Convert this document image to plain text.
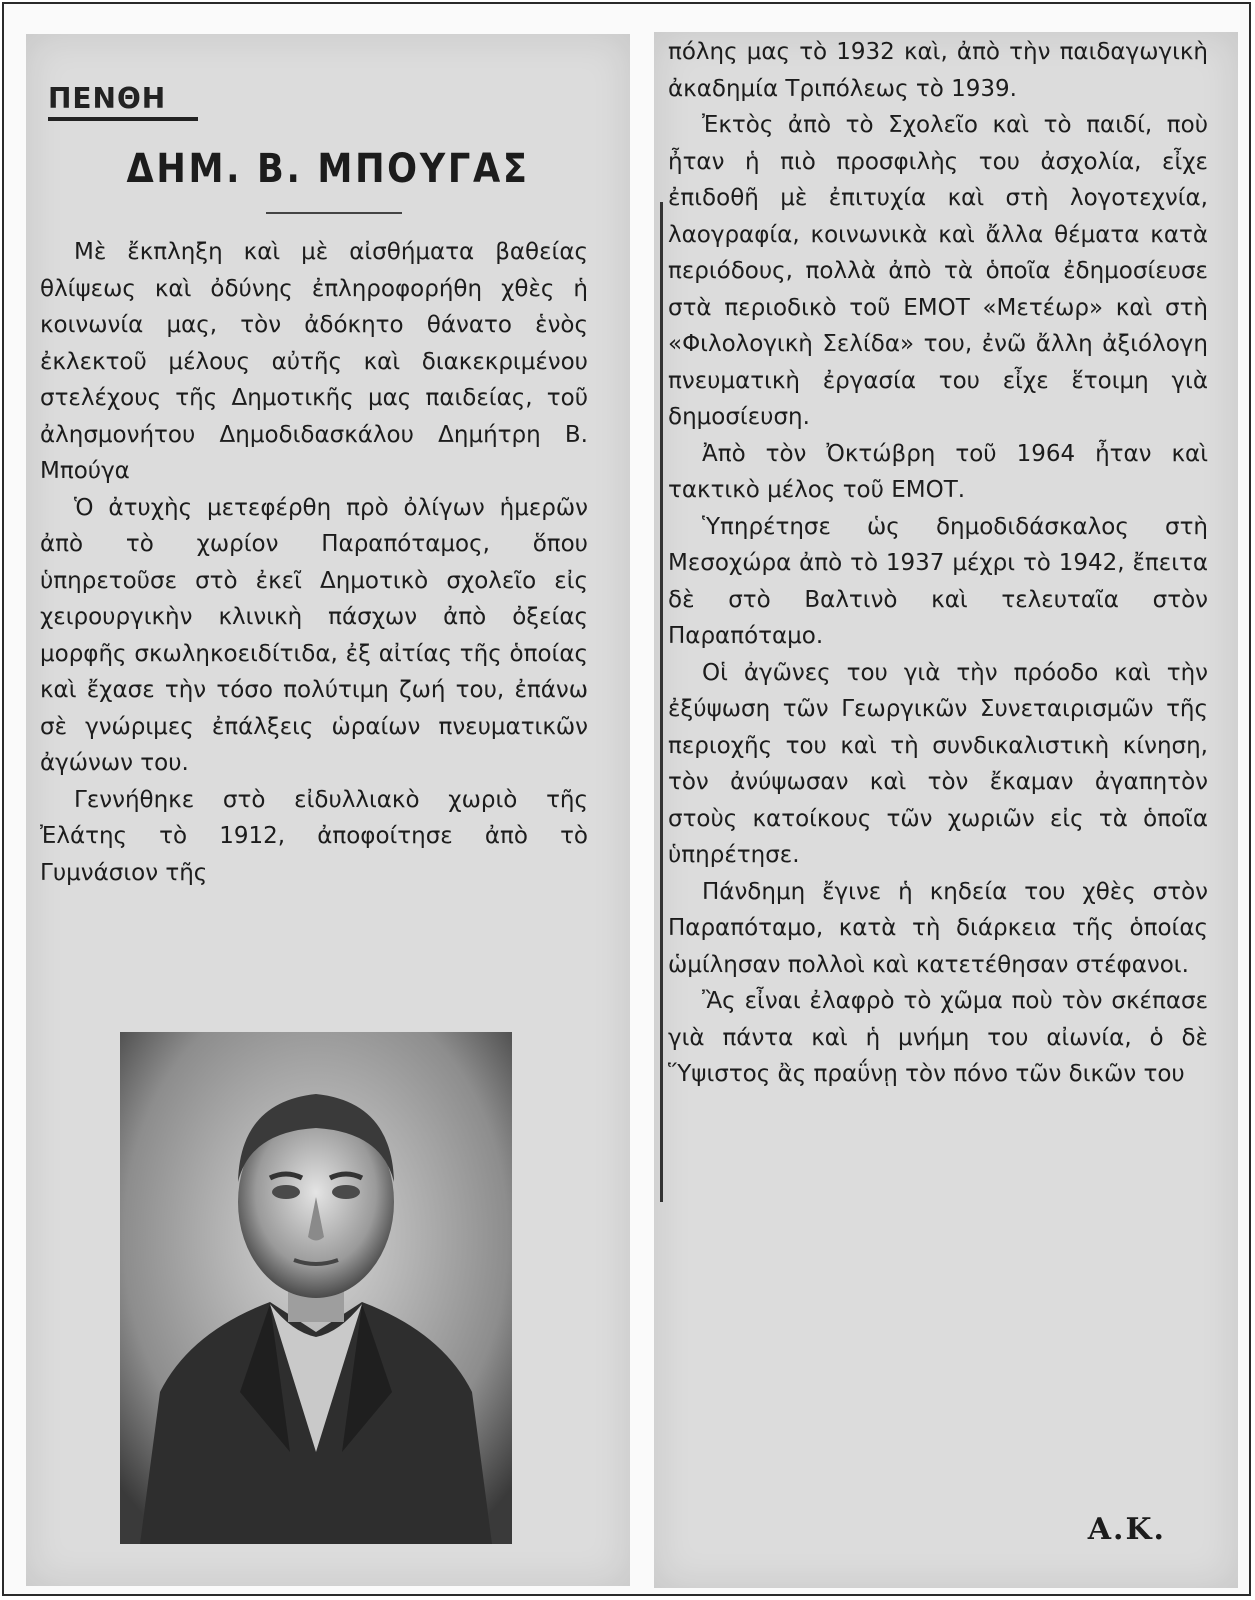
ΠΕΝΘΗ
ΔΗΜ. Β. ΜΠΟΥΓΑΣ

Μὲ ἔκπληξη καὶ μὲ αἰσθήματα βαθείας θλίψεως καὶ ὀδύνης ἐπληροφορήθη χθὲς ἡ κοινωνία μας, τὸν ἀδόκητο θάνατο ἑνὸς ἐκλεκτοῦ μέλους αὐτῆς καὶ διακεκριμένου στελέχους τῆς Δημοτικῆς μας παιδείας, τοῦ ἀλησμονήτου Δημοδιδασκάλου Δημήτρη Β. Μπούγα

Ὁ ἀτυχὴς μετεφέρθη πρὸ ὀλίγων ἡμερῶν ἀπὸ τὸ χωρίον Παραπόταμος, ὅπου ὑπηρετοῦσε στὸ ἐκεῖ Δημοτικὸ σχολεῖο εἰς χειρουργικὴν κλινικὴ πάσχων ἀπὸ ὀξείας μορφῆς σκωληκοειδίτιδα, ἐξ αἰτίας τῆς ὁποίας καὶ ἔχασε τὴν τόσο πολύτιμη ζωή του, ἐπάνω σὲ γνώριμες ἐπάλξεις ὡραίων πνευματικῶν ἀγώνων του.

Γεννήθηκε στὸ εἰδυλλιακὸ χωριὸ τῆς Ἐλάτης τὸ 1912, ἀποφοίτησε ἀπὸ τὸ Γυμνάσιον τῆς

πόλης μας τὸ 1932 καὶ, ἀπὸ τὴν παιδαγωγικὴ ἀκαδημία Τριπόλεως τὸ 1939.

Ἐκτὸς ἀπὸ τὸ Σχολεῖο καὶ τὸ παιδί, ποὺ ἦταν ἡ πιὸ προσφιλὴς του ἀσχολία, εἶχε ἐπιδοθῆ μὲ ἐπιτυχία καὶ στὴ λογοτεχνία, λαογραφία, κοινωνικὰ καὶ ἄλλα θέματα κατὰ περιόδους, πολλὰ ἀπὸ τὰ ὁποῖα ἐδημοσίευσε στὰ περιοδικὸ τοῦ ΕΜΟΤ «Μετέωρ» καὶ στὴ «Φιλολογικὴ Σελίδα» του, ἐνῶ ἄλλη ἀξιόλογη πνευματικὴ ἐργασία του εἶχε ἕτοιμη γιὰ δημοσίευση.

Ἀπὸ τὸν Ὀκτώβρη τοῦ 1964 ἦταν καὶ τακτικὸ μέλος τοῦ ΕΜΟΤ.

Ὑπηρέτησε ὡς δημοδιδάσκαλος στὴ Μεσοχώρα ἀπὸ τὸ 1937 μέχρι τὸ 1942, ἔπειτα δὲ στὸ Βαλτινὸ καὶ τελευταῖα στὸν Παραπόταμο.

Οἱ ἀγῶνες του γιὰ τὴν πρόοδο καὶ τὴν ἐξύψωση τῶν Γεωργικῶν Συνεταιρισμῶν τῆς περιοχῆς του καὶ τὴ συνδικαλιστικὴ κίνηση, τὸν ἀνύψωσαν καὶ τὸν ἔκαμαν ἀγαπητὸν στοὺς κατοίκους τῶν χωριῶν εἰς τὰ ὁποῖα ὑπηρέτησε.

Πάνδημη ἔγινε ἡ κηδεία του χθὲς στὸν Παραπόταμο, κατὰ τὴ διάρκεια τῆς ὁποίας ὡμίλησαν πολλοὶ καὶ κατετέθησαν στέφανοι.

Ἂς εἶναι ἐλαφρὸ τὸ χῶμα ποὺ τὸν σκέπασε γιὰ πάντα καὶ ἡ μνήμη του αἰωνία, ὁ δὲ Ὕψιστος ἂς πραΰνῃ τὸν πόνο τῶν δικῶν του

Α.Κ.
